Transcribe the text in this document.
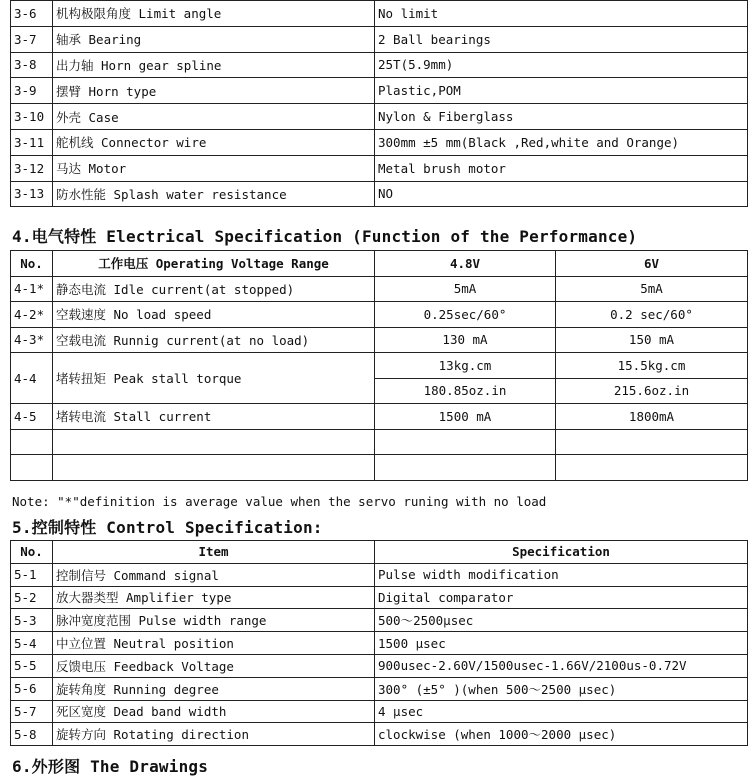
3-6	机构极限角度 Limit angle	No limit
3-7	轴承 Bearing	2 Ball bearings
3-8	出力轴 Horn gear spline	25T(5.9mm)
3-9	摆臂 Horn type	Plastic,POM
3-10	外壳 Case	Nylon & Fiberglass
3-11	舵机线 Connector wire	300mm ±5 mm(Black ,Red,white and Orange)
3-12	马达 Motor	Metal brush motor
3-13	防水性能 Splash water resistance	NO
4.电气特性 Electrical Specification (Function of the Performance)
No.	工作电压 Operating Voltage Range	4.8V	6V
4-1*	静态电流 Idle current(at stopped)	5mA	5mA
4-2*	空载速度 No load speed	0.25sec/60°	0.2 sec/60°
4-3*	空载电流 Runnig current(at no load)	130 mA	150 mA
4-4	堵转扭矩 Peak stall torque	13kg.cm	15.5kg.cm
		180.85oz.in	215.6oz.in
4-5	堵转电流 Stall current	1500 mA	1800mA

Note: "*"definition is average value when the servo runing with no load
5.控制特性 Control Specification:
No.	Item	Specification
5-1	控制信号 Command signal	Pulse width modification
5-2	放大器类型 Amplifier type	Digital comparator
5-3	脉冲宽度范围 Pulse width range	500～2500μsec
5-4	中立位置 Neutral position	1500 μsec
5-5	反馈电压 Feedback Voltage	900usec-2.60V/1500usec-1.66V/2100us-0.72V
5-6	旋转角度 Running degree	300° (±5° )(when 500～2500 μsec)
5-7	死区宽度 Dead band width	4 μsec
5-8	旋转方向 Rotating direction	clockwise (when 1000～2000 μsec)
6.外形图 The Drawings
